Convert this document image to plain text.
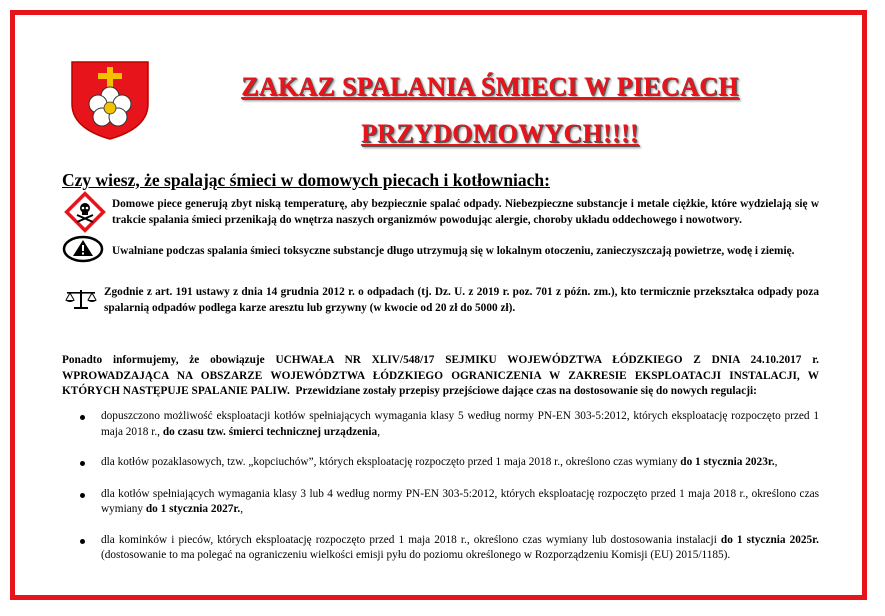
ZAKAZ SPALANIA ŚMIECI W PIECACH
PRZYDOMOWYCH!!!!
Czy wiesz, że spalając śmieci w domowych piecach i kotłowniach:
Domowe piece generują zbyt niską temperaturę, aby bezpiecznie spalać odpady. Niebezpieczne substancje i metale ciężkie, które wydzielają się w trakcie spalania śmieci przenikają do wnętrza naszych organizmów powodując alergie, choroby układu oddechowego i nowotwory.
Uwalniane podczas spalania śmieci toksyczne substancje długo utrzymują się w lokalnym otoczeniu, zanieczyszczają powietrze, wodę i ziemię.
Zgodnie z art. 191 ustawy z dnia 14 grudnia 2012 r. o odpadach (tj. Dz. U. z 2019 r. poz. 701 z późn. zm.), kto termicznie przekształca odpady poza spalarnią odpadów podlega karze aresztu lub grzywny (w kwocie od 20 zł do 5000 zł).
Ponadto informujemy, że obowiązuje UCHWAŁA NR XLIV/548/17 SEJMIKU WOJEWÓDZTWA ŁÓDZKIEGO Z DNIA 24.10.2017 r. WPROWADZAJĄCA NA OBSZARZE WOJEWÓDZTWA ŁÓDZKIEGO OGRANICZENIA W ZAKRESIE EKSPLOATACJI INSTALACJI, W KTÓRYCH NASTĘPUJE SPALANIE PALIW. Przewidziane zostały przepisy przejściowe dające czas na dostosowanie się do nowych regulacji:
dopuszczono możliwość eksploatacji kotłów spełniających wymagania klasy 5 według normy PN-EN 303-5:2012, których eksploatację rozpoczęto przed 1 maja 2018 r., do czasu tzw. śmierci technicznej urządzenia,
dla kotłów pozaklasowych, tzw. „kopciuchów”, których eksploatację rozpoczęto przed 1 maja 2018 r., określono czas wymiany do 1 stycznia 2023r.,
dla kotłów spełniających wymagania klasy 3 lub 4 według normy PN-EN 303-5:2012, których eksploatację rozpoczęto przed 1 maja 2018 r., określono czas wymiany do 1 stycznia 2027r.,
dla kominków i pieców, których eksploatację rozpoczęto przed 1 maja 2018 r., określono czas wymiany lub dostosowania instalacji do 1 stycznia 2025r. (dostosowanie to ma polegać na ograniczeniu wielkości emisji pyłu do poziomu określonego w Rozporządzeniu Komisji (EU) 2015/1185).
